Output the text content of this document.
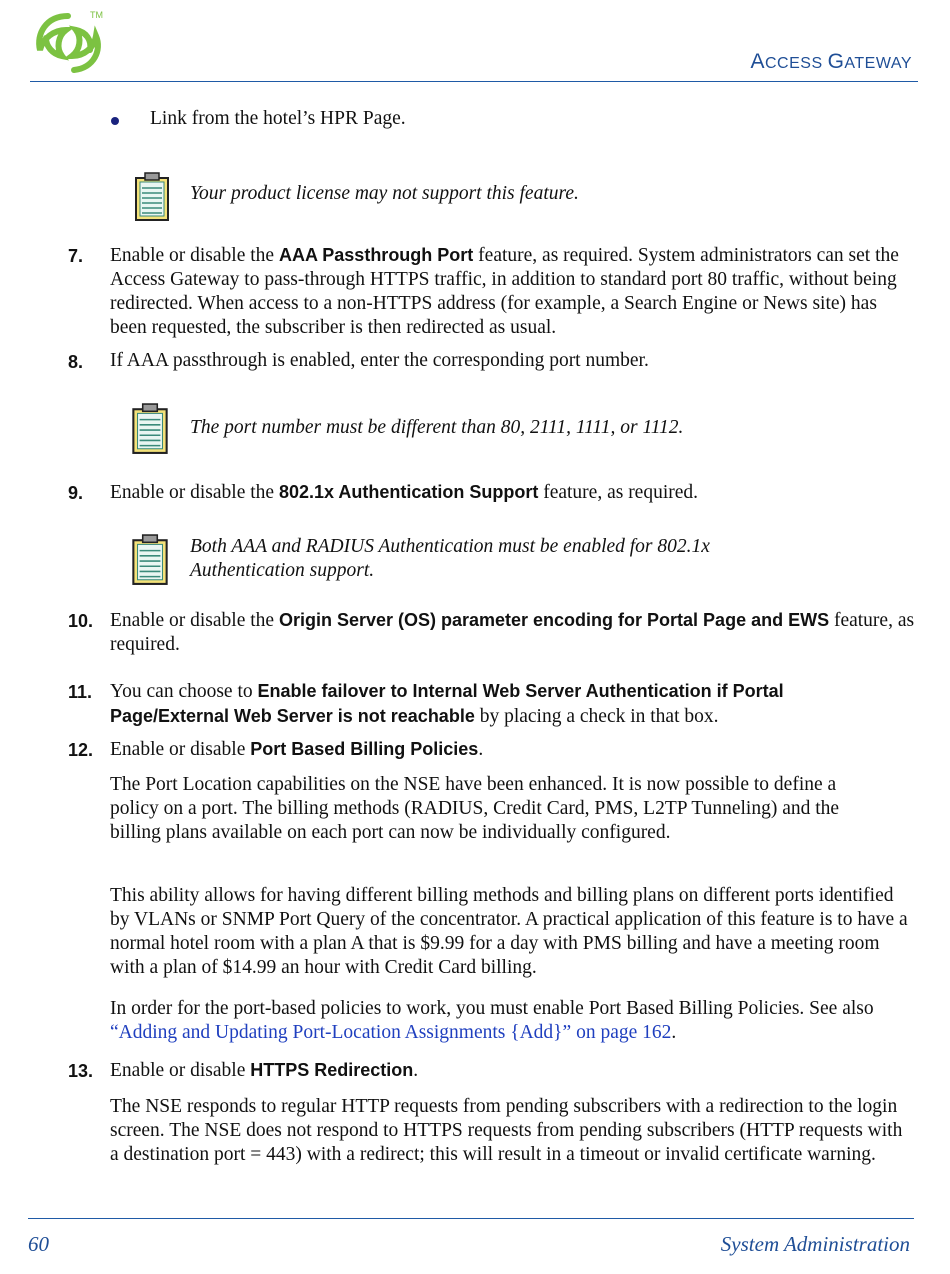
TM
ACCESS GATEWAY
Link from the hotel’s HPR Page.
Your product license may not support this feature.
7. Enable or disable the AAA Passthrough Port feature, as required. System administrators can set the Access Gateway to pass-through HTTPS traffic, in addition to standard port 80 traffic, without being redirected. When access to a non-HTTPS address (for example, a Search Engine or News site) has been requested, the subscriber is then redirected as usual.
8. If AAA passthrough is enabled, enter the corresponding port number.
The port number must be different than 80, 2111, 1111, or 1112.
9. Enable or disable the 802.1x Authentication Support feature, as required.
Both AAA and RADIUS Authentication must be enabled for 802.1x Authentication support.
10. Enable or disable the Origin Server (OS) parameter encoding for Portal Page and EWS feature, as required.
11. You can choose to Enable failover to Internal Web Server Authentication if Portal Page/External Web Server is not reachable by placing a check in that box.
12. Enable or disable Port Based Billing Policies.
The Port Location capabilities on the NSE have been enhanced. It is now possible to define a policy on a port. The billing methods (RADIUS, Credit Card, PMS, L2TP Tunneling) and the billing plans available on each port can now be individually configured.
This ability allows for having different billing methods and billing plans on different ports identified by VLANs or SNMP Port Query of the concentrator. A practical application of this feature is to have a normal hotel room with a plan A that is $9.99 for a day with PMS billing and have a meeting room with a plan of $14.99 an hour with Credit Card billing.
In order for the port-based policies to work, you must enable Port Based Billing Policies. See also “Adding and Updating Port-Location Assignments {Add}” on page 162.
13. Enable or disable HTTPS Redirection.
The NSE responds to regular HTTP requests from pending subscribers with a redirection to the login screen. The NSE does not respond to HTTPS requests from pending subscribers (HTTP requests with a destination port = 443) with a redirect; this will result in a timeout or invalid certificate warning.
60	System Administration
